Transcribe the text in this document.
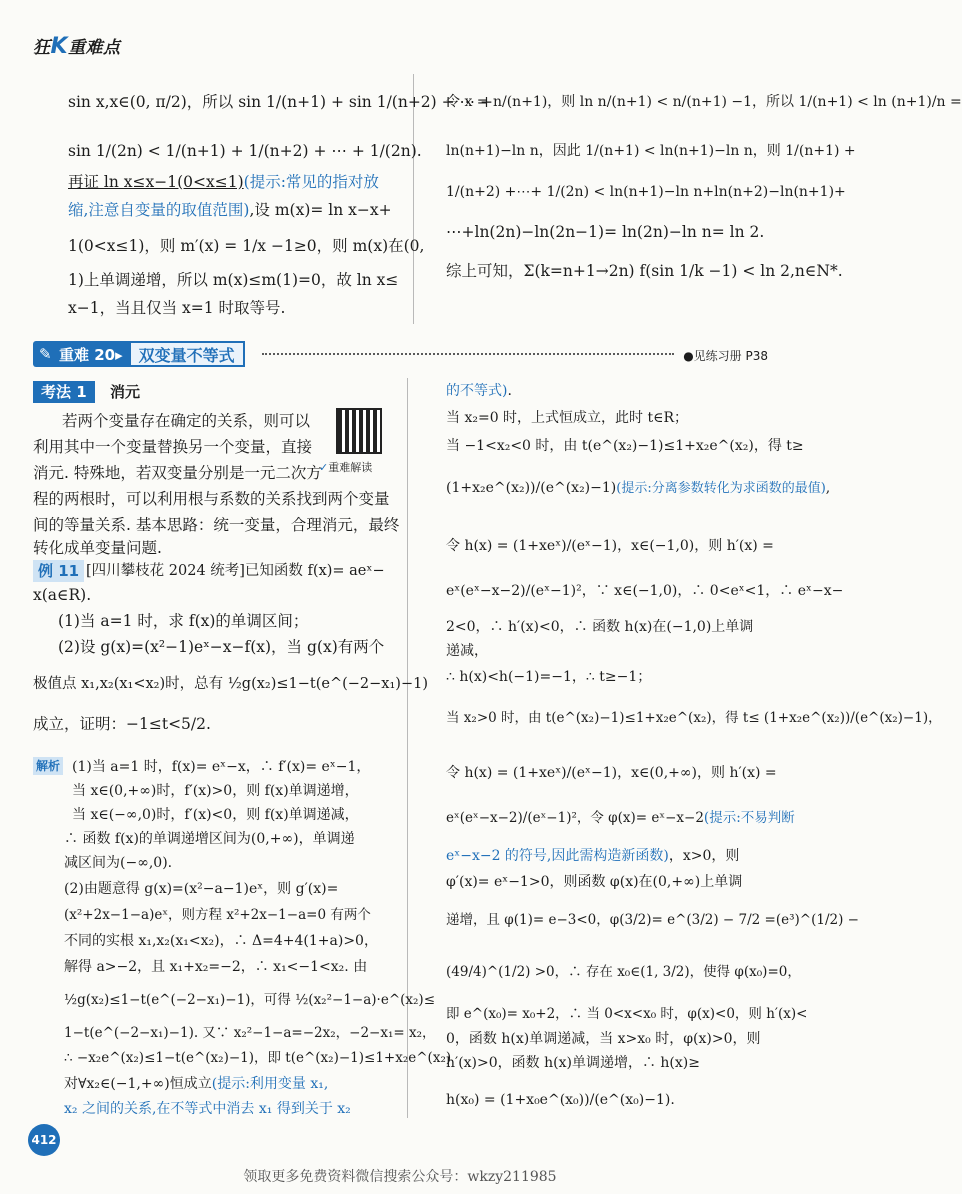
狂K重难点
sin x,x∈(0, π/2)，所以 sin 1/(n+1) + sin 1/(n+2) + ⋯ +
sin 1/(2n) < 1/(n+1) + 1/(n+2) + ⋯ + 1/(2n).
再证 ln x≤x−1(0<x≤1)(提示:常见的指对放
缩,注意自变量的取值范围),设 m(x)= ln x−x+
1(0<x≤1)，则 m′(x) = 1/x −1≥0，则 m(x)在(0,
1)上单调递增，所以 m(x)≤m(1)=0，故 ln x≤
x−1，当且仅当 x=1 时取等号.
令 x = n/(n+1)，则 ln n/(n+1) < n/(n+1) −1，所以 1/(n+1) < ln (n+1)/n =
ln(n+1)−ln n，因此 1/(n+1) < ln(n+1)−ln n，则 1/(n+1) +
1/(n+2) +⋯+ 1/(2n) < ln(n+1)−ln n+ln(n+2)−ln(n+1)+
⋯+ln(2n)−ln(2n−1)= ln(2n)−ln n= ln 2.
综上可知，Σ(k=n+1→2n) f(sin 1/k −1) < ln 2,n∈N*.
✎ 重难 20▸	双变量不等式	●见练习册 P38
考法 1	消元
若两个变量存在确定的关系，则可以
利用其中一个变量替换另一个变量，直接
消元. 特殊地，若双变量分别是一元二次方
程的两根时，可以利用根与系数的关系找到两个变量
间的等量关系. 基本思路：统一变量，合理消元，最终
转化成单变量问题.
✓重难解读
例 11 [四川攀枝花 2024 统考]已知函数 f(x)= aeˣ−
x(a∈R).
(1)当 a=1 时，求 f(x)的单调区间；
(2)设 g(x)=(x²−1)eˣ−x−f(x)，当 g(x)有两个
极值点 x₁,x₂(x₁<x₂)时，总有 ½g(x₂)≤1−t(e^(−2−x₁)−1)
成立，证明：−1≤t<5/2.
解析 (1)当 a=1 时，f(x)= eˣ−x，∴ f′(x)= eˣ−1，
当 x∈(0,+∞)时，f′(x)>0，则 f(x)单调递增，
当 x∈(−∞,0)时，f′(x)<0，则 f(x)单调递减，
∴ 函数 f(x)的单调递增区间为(0,+∞)，单调递
减区间为(−∞,0).
(2)由题意得 g(x)=(x²−a−1)eˣ，则 g′(x)=
(x²+2x−1−a)eˣ，则方程 x²+2x−1−a=0 有两个
不同的实根 x₁,x₂(x₁<x₂)，∴ Δ=4+4(1+a)>0，
解得 a>−2，且 x₁+x₂=−2，∴ x₁<−1<x₂. 由
½g(x₂)≤1−t(e^(−2−x₁)−1)，可得 ½(x₂²−1−a)·e^(x₂)≤
1−t(e^(−2−x₁)−1). 又∵ x₂²−1−a=−2x₂，−2−x₁= x₂，
∴ −x₂e^(x₂)≤1−t(e^(x₂)−1)，即 t(e^(x₂)−1)≤1+x₂e^(x₂)
对∀x₂∈(−1,+∞)恒成立(提示:利用变量 x₁,
x₂ 之间的关系,在不等式中消去 x₁ 得到关于 x₂
的不等式).
当 x₂=0 时，上式恒成立，此时 t∈R；
当 −1<x₂<0 时，由 t(e^(x₂)−1)≤1+x₂e^(x₂)，得 t≥
(1+x₂e^(x₂))/(e^(x₂)−1)(提示:分离参数转化为求函数的最值),
令 h(x) = (1+xeˣ)/(eˣ−1)，x∈(−1,0)，则 h′(x) =
eˣ(eˣ−x−2)/(eˣ−1)²，∵ x∈(−1,0)，∴ 0<eˣ<1，∴ eˣ−x−
2<0，∴ h′(x)<0，∴ 函数 h(x)在(−1,0)上单调
递减，
∴ h(x)<h(−1)=−1，∴ t≥−1；
当 x₂>0 时，由 t(e^(x₂)−1)≤1+x₂e^(x₂)，得 t≤ (1+x₂e^(x₂))/(e^(x₂)−1)，
令 h(x) = (1+xeˣ)/(eˣ−1)，x∈(0,+∞)，则 h′(x) =
eˣ(eˣ−x−2)/(eˣ−1)²，令 φ(x)= eˣ−x−2(提示:不易判断
eˣ−x−2 的符号,因此需构造新函数)，x>0，则
φ′(x)= eˣ−1>0，则函数 φ(x)在(0,+∞)上单调
递增，且 φ(1)= e−3<0，φ(3/2)= e^(3/2) − 7/2 =(e³)^(1/2) −
(49/4)^(1/2) >0，∴ 存在 x₀∈(1, 3/2)，使得 φ(x₀)=0，
即 e^(x₀)= x₀+2，∴ 当 0<x<x₀ 时，φ(x)<0，则 h′(x)<
0，函数 h(x)单调递减，当 x>x₀ 时，φ(x)>0，则
h′(x)>0，函数 h(x)单调递增，∴ h(x)≥
h(x₀) = (1+x₀e^(x₀))/(e^(x₀)−1).
412
领取更多免费资料微信搜索公众号：wkzy211985
